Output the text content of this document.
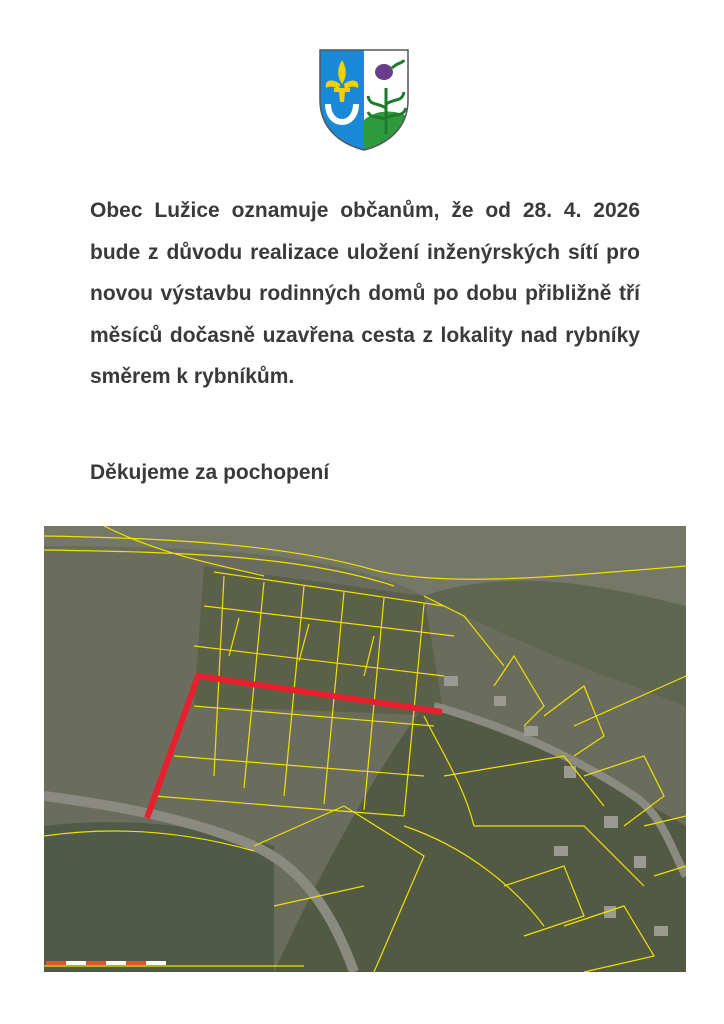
Obec Lužice oznamuje občanům, že od 28. 4. 2026 bude z důvodu realizace uložení inženýrských sítí pro novou výstavbu rodinných domů po dobu přibližně tří měsíců dočasně uzavřena cesta z lokality nad rybníky směrem k rybníkům.

Děkujeme za pochopení
